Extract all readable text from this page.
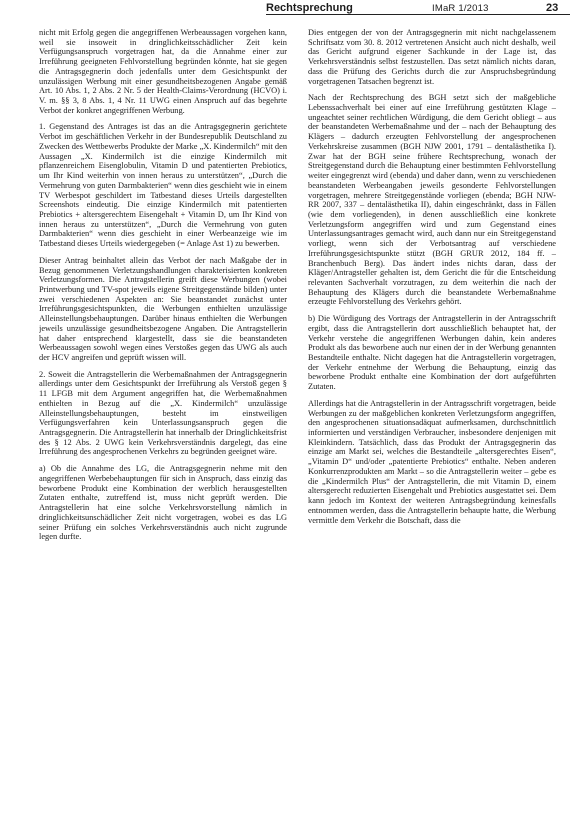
Rechtsprechung	IMaR 1/2013	23

nicht mit Erfolg gegen die angegriffenen Werbeaussagen vorgehen kann, weil sie insoweit in dringlichkeitsschädlicher Zeit kein Verfügungsanspruch vorgetragen hat, da die Annahme einer zur Irreführung geeigneten Fehlvorstellung begründen könnte, hat sie gegen die Antragsgegnerin doch jedenfalls unter dem Gesichtspunkt der unzulässigen Werbung mit einer gesundheitsbezogenen Angabe gemäß Art. 10 Abs. 1, 2 Abs. 2 Nr. 5 der Health-Claims-Verordnung (HCVO) i. V. m. §§ 3, 8 Abs. 1, 4 Nr. 11 UWG einen Anspruch auf das begehrte Verbot der konkret angegriffenen Werbung.

1. Gegenstand des Antrages ist das an die Antragsgegnerin gerichtete Verbot im geschäftlichen Verkehr in der Bundesrepublik Deutschland zu Zwecken des Wettbewerbs Produkte der Marke „X. Kindermilch“ mit den Aussagen „X. Kindermilch ist die einzige Kindermilch mit pflanzenreichem Eisenglobulin, Vitamin D und patentierten Prebiotics, um Ihr Kind weiterhin von innen heraus zu unterstützen“, „Durch die Vermehrung von guten Darmbakterien“ wenn dies geschieht wie in einem TV Werbespot geschildert im Tatbestand dieses Urteils dargestellten Screenshots eindeutig. Die einzige Kindermilch mit patentierten Prebiotics + altersgerechtem Eisengehalt + Vitamin D, um Ihr Kind von innen heraus zu unterstützen“, „Durch die Vermehrung von guten Darmbakterien“ wenn dies geschieht in einer Werbeanzeige wie im Tatbestand dieses Urteils wiedergegeben (= Anlage Ast 1) zu bewerben.

Dieser Antrag beinhaltet allein das Verbot der nach Maßgabe der in Bezug genommenen Verletzungshandlungen charakterisierten konkreten Verletzungsformen. Die Antragstellerin greift diese Werbungen (wobei Printwerbung und TV-spot jeweils eigene Streitgegenstände bilden) unter zwei verschiedenen Aspekten an: Sie beanstandet zunächst unter Irreführungsgesichtspunkten, die Werbungen enthielten unzulässige Alleinstellungsbehauptungen. Darüber hinaus enthielten die Werbungen jeweils unzulässige gesundheitsbezogene Angaben. Die Antragstellerin hat daher entsprechend klargestellt, dass sie die beanstandeten Werbeaussagen sowohl wegen eines Verstoßes gegen das UWG als auch der HCV angreifen und geprüft wissen will.

2. Soweit die Antragstellerin die Werbemaßnahmen der Antragsgegnerin allerdings unter dem Gesichtspunkt der Irreführung als Verstoß gegen § 11 LFGB mit dem Argument angegriffen hat, die Werbemaßnahmen enthielten in Bezug auf die „X. Kindermilch“ unzulässige Alleinstellungsbehauptungen, besteht im einstweiligen Verfügungsverfahren kein Unterlassungsanspruch gegen die Antragsgegnerin. Die Antragstellerin hat innerhalb der Dringlichkeitsfrist des § 12 Abs. 2 UWG kein Verkehrsverständnis dargelegt, das eine Irreführung des angesprochenen Verkehrs zu begründen geeignet wäre.

a) Ob die Annahme des LG, die Antragsgegnerin nehme mit den angegriffenen Werbebehauptungen für sich in Anspruch, dass einzig das beworbene Produkt eine Kombination der werblich herausgestellten Zutaten enthalte, zutreffend ist, muss nicht geprüft werden. Die Antragstellerin hat eine solche Verkehrsvorstellung nämlich in dringlichkeitsunschädlicher Zeit nicht vorgetragen, wobei es das LG seiner Prüfung ein solches Verkehrsverständnis auch nicht zugrunde legen durfte.

Dies entgegen der von der Antragsgegnerin mit nicht nachgelassenem Schriftsatz vom 30. 8. 2012 vertretenen Ansicht auch nicht deshalb, weil das Gericht aufgrund eigener Sachkunde in der Lage ist, das Verkehrsverständnis selbst festzustellen. Das setzt nämlich nichts daran, dass die Prüfung des Gerichts durch die zur Anspruchsbegründung vorgetragenen Tatsachen begrenzt ist.

Nach der Rechtsprechung des BGH setzt sich der maßgebliche Lebenssachverhalt bei einer auf eine Irreführung gestützten Klage – ungeachtet seiner rechtlichen Würdigung, die dem Gericht obliegt – aus der beanstandeten Werbemaßnahme und der – nach der Behauptung des Klägers – dadurch erzeugten Fehlvorstellung der angesprochenen Verkehrskreise zusammen (BGH NJW 2001, 1791 – dentalästhetika I). Zwar hat der BGH seine frühere Rechtsprechung, wonach der Streitgegenstand durch die Behauptung einer bestimmten Fehlvorstellung weiter eingegrenzt wird (ebenda) und daher dann, wenn zu verschiedenen beanstandeten Werbeangaben jeweils gesonderte Fehlvorstellungen vorgetragen, mehrere Streitgegenstände vorliegen (ebenda; BGH NJW-RR 2007, 337 – dentalästhetika II), dahin eingeschränkt, dass in Fällen (wie dem vorliegenden), in denen ausschließlich eine konkrete Verletzungsform angegriffen wird und zum Gegenstand eines Unterlassungsantrages gemacht wird, auch dann nur ein Streitgegenstand vorliegt, wenn sich der Verbotsantrag auf verschiedene Irreführungsgesichtspunkte stützt (BGH GRUR 2012, 184 ff. – Branchenbuch Berg). Das ändert indes nichts daran, dass der Kläger/Antragsteller gehalten ist, dem Gericht die für die Entscheidung relevanten Sachverhalt vorzutragen, zu dem weiterhin die nach der Behauptung des Klägers durch die beanstandete Werbemaßnahme erzeugte Fehlvorstellung des Verkehrs gehört.

b) Die Würdigung des Vortrags der Antragstellerin in der Antragsschrift ergibt, dass die Antragstellerin dort ausschließlich behauptet hat, der Verkehr verstehe die angegriffenen Werbungen dahin, kein anderes Produkt als das beworbene auch nur einen der in der Werbung genannten Bestandteile enthalte. Nicht dagegen hat die Antragstellerin vorgetragen, der Verkehr entnehme der Werbung die Behauptung, einzig das beworbene Produkt enthalte eine Kombination der dort aufgeführten Zutaten.

Allerdings hat die Antragstellerin in der Antragsschrift vorgetragen, beide Werbungen zu der maßgeblichen konkreten Verletzungsform angegriffen, den angesprochenen situationsadäquat aufmerksamen, durchschnittlich informierten und verständigen Verbraucher, insbesondere denjenigen mit Kleinkindern. Tatsächlich, dass das Produkt der Antragsgegnerin das einzige am Markt sei, welches die Bestandteile „altersgerechtes Eisen“, „Vitamin D“ und/oder „patentierte Prebiotics“ enthalte. Neben anderen Konkurrenzprodukten am Markt – so die Antragstellerin weiter – gebe es die „Kindermilch Plus“ der Antragstellerin, die mit Vitamin D, einem altersgerecht reduzierten Eisengehalt und Prebiotics ausgestattet sei. Dem kann jedoch im Kontext der weiteren Antragsbegründung keinesfalls entnommen werden, dass die Antragstellerin behaupte hatte, die Werbung vermittle dem Verkehr die Botschaft, dass die
